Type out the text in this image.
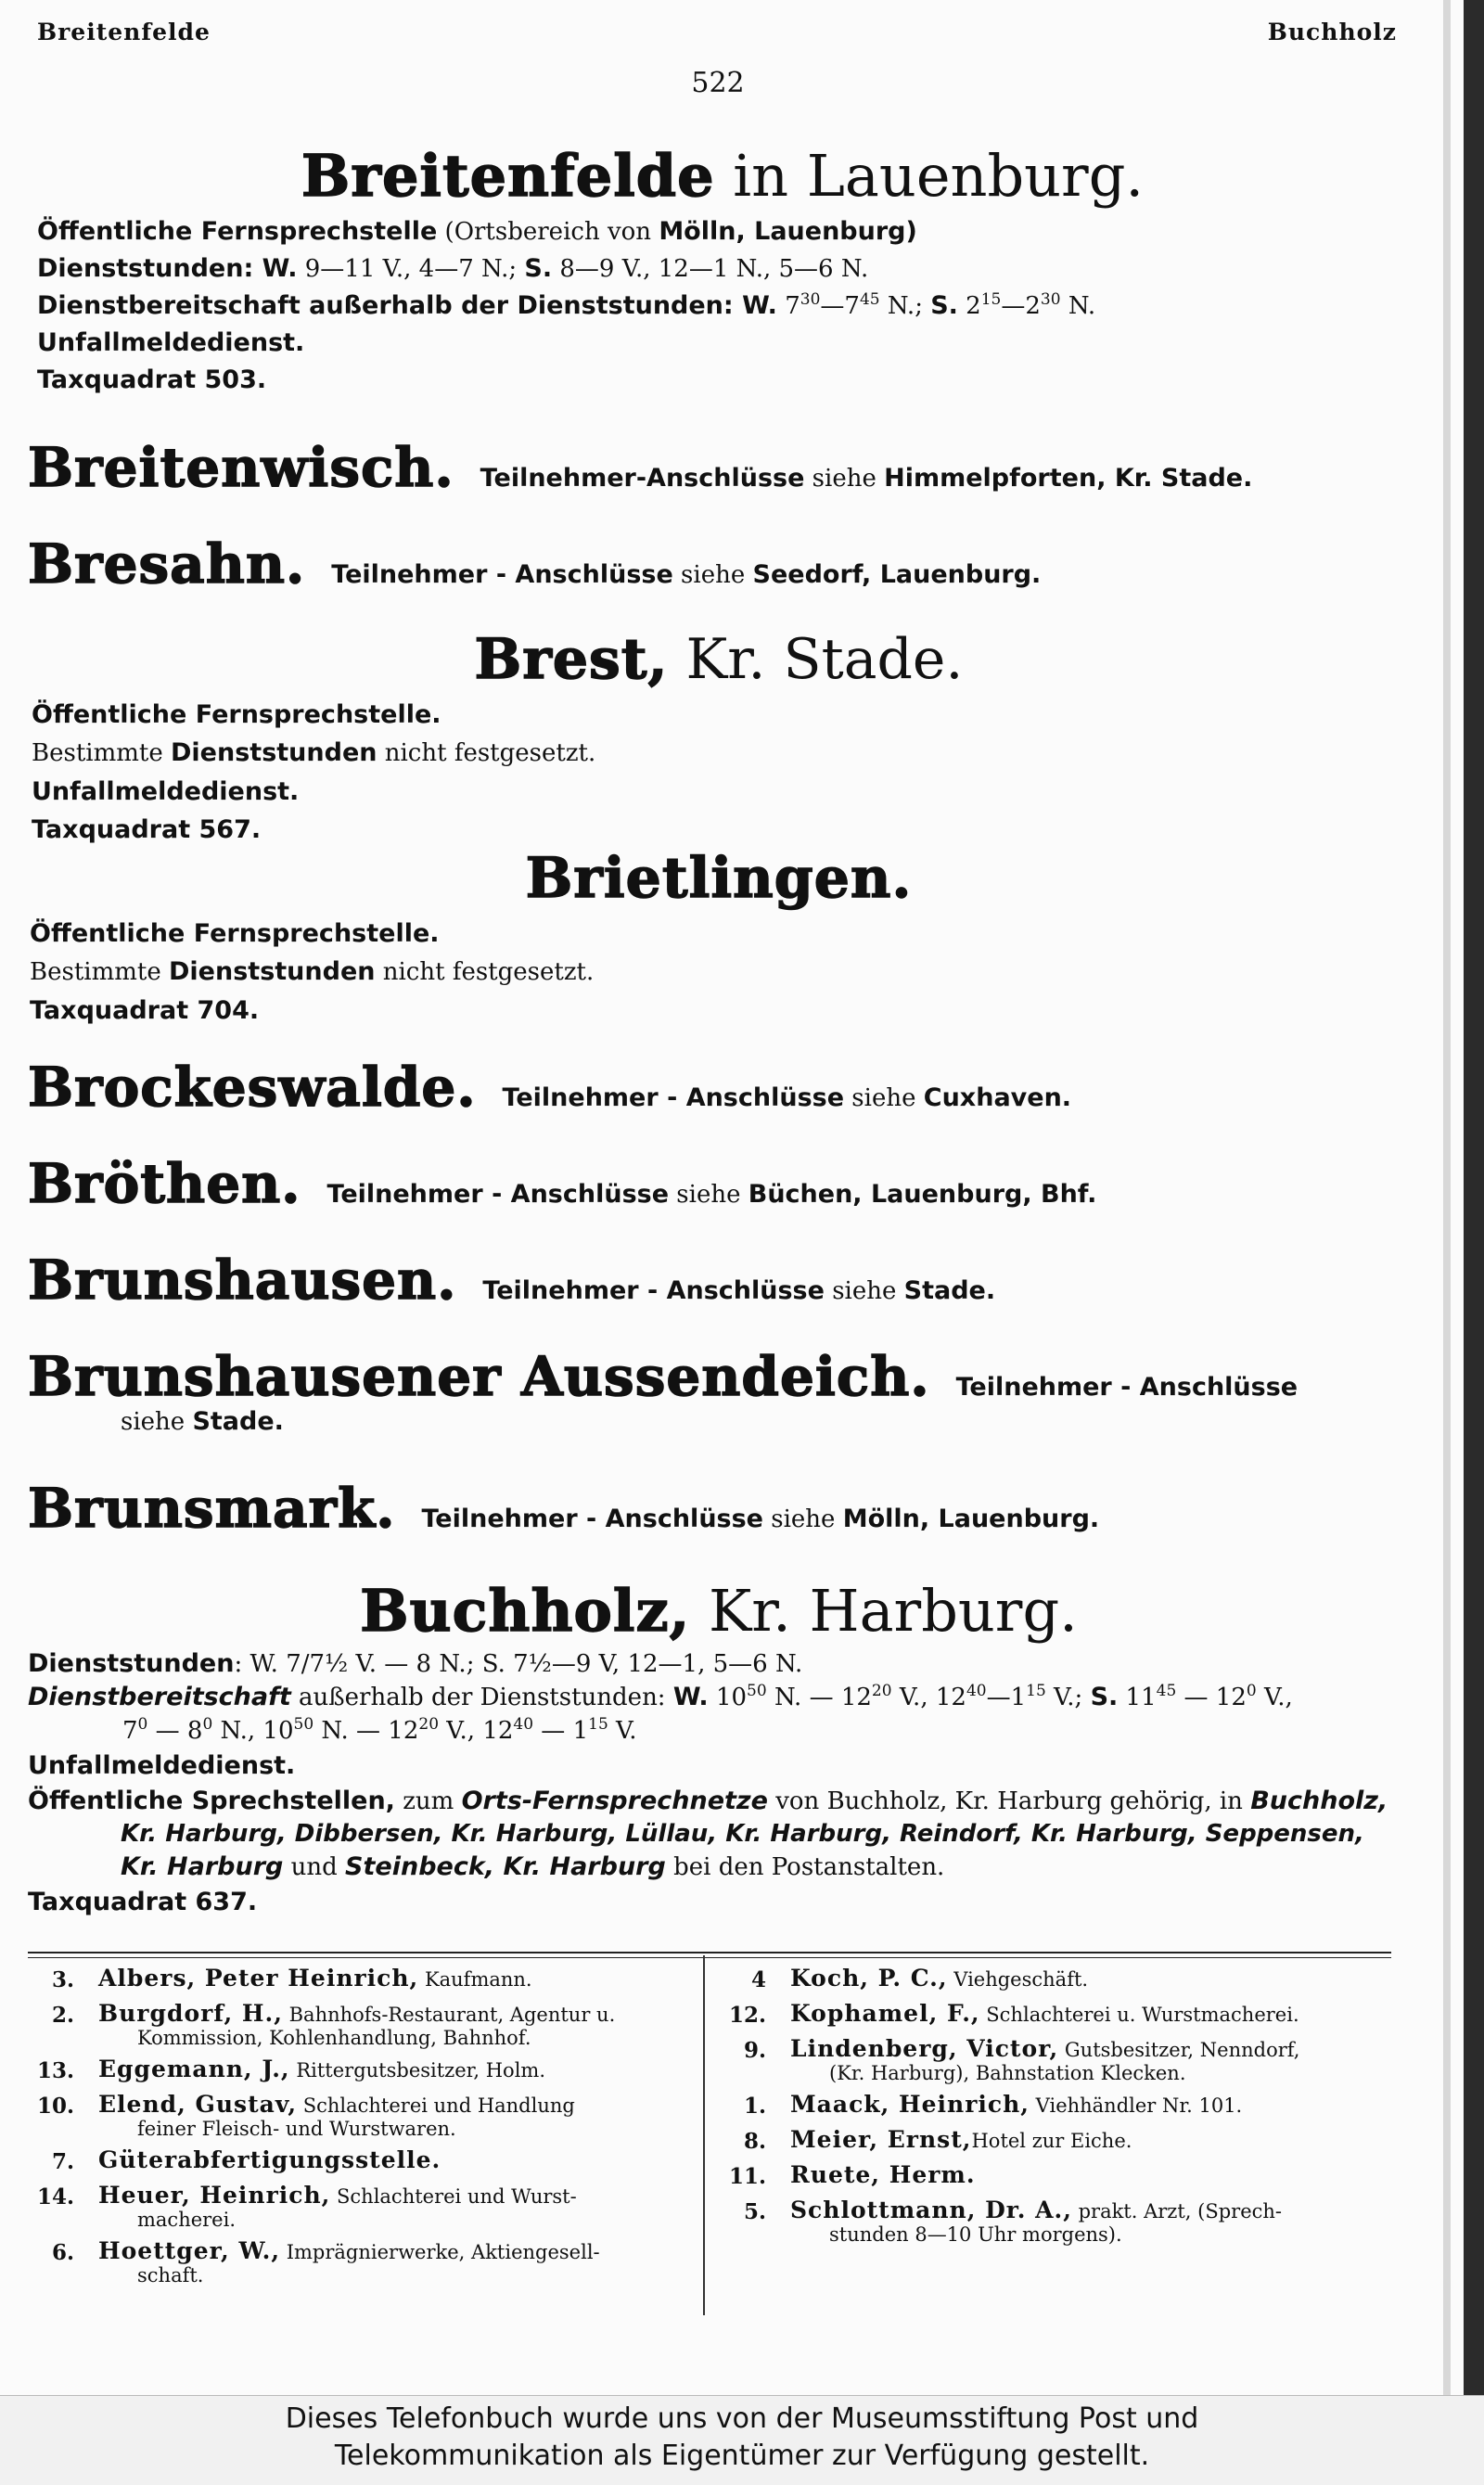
Breitenfelde	Buchholz
522

Breitenfelde in Lauenburg.

Öffentliche Fernsprechstelle (Ortsbereich von Mölln, Lauenburg)

Dienststunden: W. 9—11 V., 4—7 N.; S. 8—9 V., 12—1 N., 5—6 N.

Dienstbereitschaft außerhalb der Dienststunden: W. $7^{30}—7^{45}$ N.; S. $2^{15}—2^{30}$ N.

Unfallmeldedienst.

Taxquadrat 503.

Breitenwisch. Teilnehmer-Anschlüsse siehe Himmelpforten, Kr. Stade.

Bresahn. Teilnehmer - Anschlüsse siehe Seedorf, Lauenburg.

Brest, Kr. Stade.

Öffentliche Fernsprechstelle.

Bestimmte Dienststunden nicht festgesetzt.

Unfallmeldedienst.

Taxquadrat 567.

Brietlingen.

Öffentliche Fernsprechstelle.

Bestimmte Dienststunden nicht festgesetzt.

Taxquadrat 704.

Brockeswalde. Teilnehmer - Anschlüsse siehe Cuxhaven.

Bröthen. Teilnehmer - Anschlüsse siehe Büchen, Lauenburg, Bhf.

Brunshausen. Teilnehmer - Anschlüsse siehe Stade.

Brunshausener Aussendeich. Teilnehmer - Anschlüsse

siehe Stade.

Brunsmark. Teilnehmer - Anschlüsse siehe Mölln, Lauenburg.

Buchholz, Kr. Harburg.

Dienststunden: W. 7/7½ V. — 8 N.; S. 7½—9 V, 12—1, 5—6 N.

Dienstbereitschaft außerhalb der Dienststunden: W. $10^{50}$ N. — $12^{20}$ V., $12^{40}—1^{15}$ V.; S. $11^{45}$ — $12^0$ V.,

$7^0$ — $8^0$ N., $10^{50}$ N. — $12^{20}$ V., $12^{40}$ — $1^{15}$ V.

Unfallmeldedienst.

Öffentliche Sprechstellen, zum Orts-Fernsprechnetze von Buchholz, Kr. Harburg gehörig, in Buchholz,

Kr. Harburg, Dibbersen, Kr. Harburg, Lüllau, Kr. Harburg, Reindorf, Kr. Harburg, Seppensen,

Kr. Harburg und Steinbeck, Kr. Harburg bei den Postanstalten.

Taxquadrat 637.

3.	Albers, Peter Heinrich, Kaufmann.
2.	Burgdorf, H., Bahnhofs-Restaurant, Agentur u.
Kommission, Kohlenhandlung, Bahnhof.
13.	Eggemann, J., Rittergutsbesitzer, Holm.
10.	Elend, Gustav, Schlachterei und Handlung
feiner Fleisch- und Wurstwaren.
7.	Güterabfertigungsstelle.
14.	Heuer, Heinrich, Schlachterei und Wurst-
macherei.
6.	Hoettger, W., Imprägnierwerke, Aktiengesell-
schaft.
4	Koch, P. C., Viehgeschäft.
12.	Kophamel, F., Schlachterei u. Wurstmacherei.
9.	Lindenberg, Victor, Gutsbesitzer, Nenndorf,
(Kr. Harburg), Bahnstation Klecken.
1.	Maack, Heinrich, Viehhändler Nr. 101.
8.	Meier, Ernst,Hotel zur Eiche.
11.	Ruete, Herm.
5.	Schlottmann, Dr. A., prakt. Arzt, (Sprech-
stunden 8—10 Uhr morgens).
Dieses Telefonbuch wurde uns von der Museumsstiftung Post und
Telekommunikation als Eigentümer zur Verfügung gestellt.
